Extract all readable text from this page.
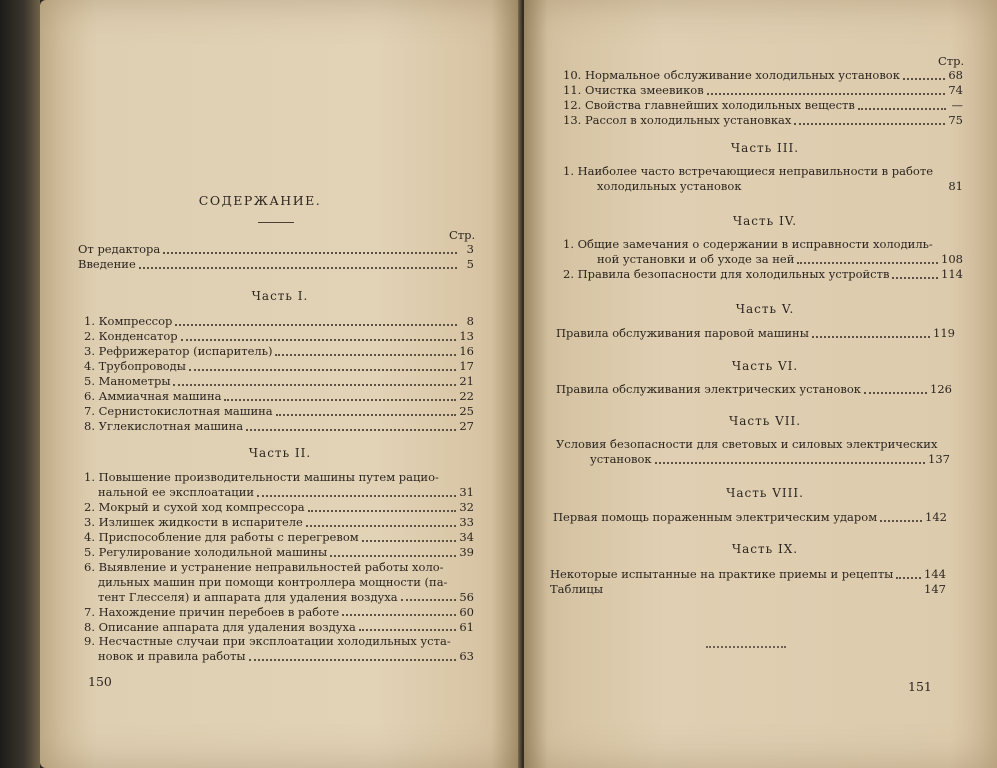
СОДЕРЖАНИЕ.
Стр.
От редактора	3
Введение	5
Часть I.
1. Компрессор	8
2. Конденсатор	13
3. Рефрижератор (испаритель)	16
4. Трубопроводы	17
5. Манометры	21
6. Аммиачная машина	22
7. Сернистокислотная машина	25
8. Углекислотная машина	27
Часть II.
1. Повышение производительности машины путем рацио-
нальной ее эксплоатации	31
2. Мокрый и сухой ход компрессора	32
3. Излишек жидкости в испарителе	33
4. Приспособление для работы с перегревом	34
5. Регулирование холодильной машины	39
6. Выявление и устранение неправильностей работы холо-
дильных машин при помощи контроллера мощности (па-
тент Глесселя) и аппарата для удаления воздуха	56
7. Нахождение причин перебоев в работе	60
8. Описание аппарата для удаления воздуха	61
9. Несчастные случаи при эксплоатации холодильных уста-
новок и правила работы	63
150
Стр.
10. Нормальное обслуживание холодильных установок	68
11. Очистка змеевиков	74
12. Свойства главнейших холодильных веществ	—
13. Рассол в холодильных установках	75
Часть III.
1. Наиболее часто встречающиеся неправильности в работе
холодильных установок	81
Часть IV.
1. Общие замечания о содержании в исправности холодиль-
ной установки и об уходе за ней	108
2. Правила безопасности для холодильных устройств	114
Часть V.
Правила обслуживания паровой машины	119
Часть VI.
Правила обслуживания электрических установок	126
Часть VII.
Условия безопасности для световых и силовых электрических
установок	137
Часть VIII.
Первая помощь пораженным электрическим ударом	142
Часть IX.
Некоторые испытанные на практике приемы и рецепты	144
Таблицы	147
151
